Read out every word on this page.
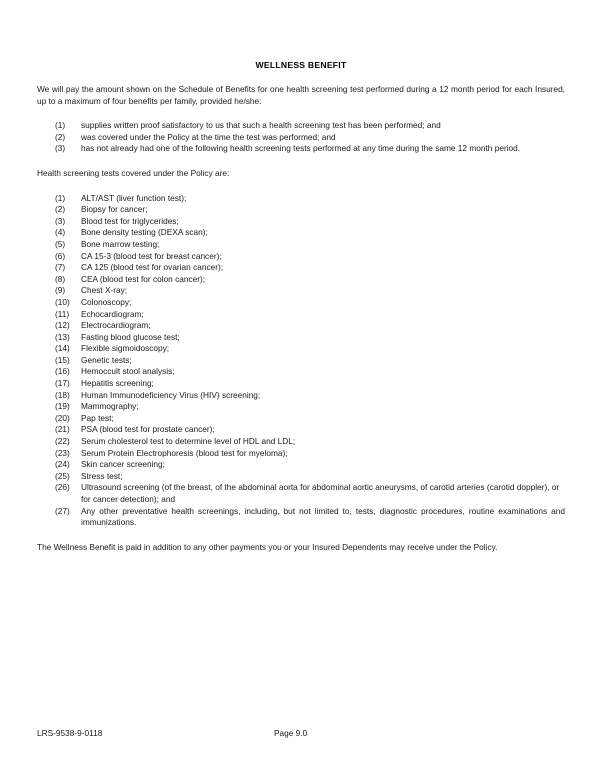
WELLNESS BENEFIT

We will pay the amount shown on the Schedule of Benefits for one health screening test performed during a 12 month period for each Insured, up to a maximum of four benefits per family, provided he/she:

(1)	supplies written proof satisfactory to us that such a health screening test has been performed; and
(2)	was covered under the Policy at the time the test was performed; and
(3)	has not already had one of the following health screening tests performed at any time during the same 12 month period.

Health screening tests covered under the Policy are:

(1)	ALT/AST (liver function test);
(2)	Biopsy for cancer;
(3)	Blood test for triglycerides;
(4)	Bone density testing (DEXA scan);
(5)	Bone marrow testing;
(6)	CA 15-3 (blood test for breast cancer);
(7)	CA 125 (blood test for ovarian cancer);
(8)	CEA (blood test for colon cancer);
(9)	Chest X-ray;
(10)	Colonoscopy;
(11)	Echocardiogram;
(12)	Electrocardiogram;
(13)	Fasting blood glucose test;
(14)	Flexible sigmoidoscopy;
(15)	Genetic tests;
(16)	Hemoccult stool analysis;
(17)	Hepatitis screening;
(18)	Human Immunodeficiency Virus (HIV) screening;
(19)	Mammography;
(20)	Pap test;
(21)	PSA (blood test for prostate cancer);
(22)	Serum cholesterol test to determine level of HDL and LDL;
(23)	Serum Protein Electrophoresis (blood test for myeloma);
(24)	Skin cancer screening;
(25)	Stress test;
(26)	Ultrasound screening (of the breast, of the abdominal aorta for abdominal aortic aneurysms, of carotid arteries (carotid doppler), or for cancer detection); and
(27)	Any other preventative health screenings, including, but not limited to, tests, diagnostic procedures, routine examinations and immunizations.

The Wellness Benefit is paid in addition to any other payments you or your Insured Dependents may receive under the Policy.

LRS-9538-9-0118	Page 9.0
